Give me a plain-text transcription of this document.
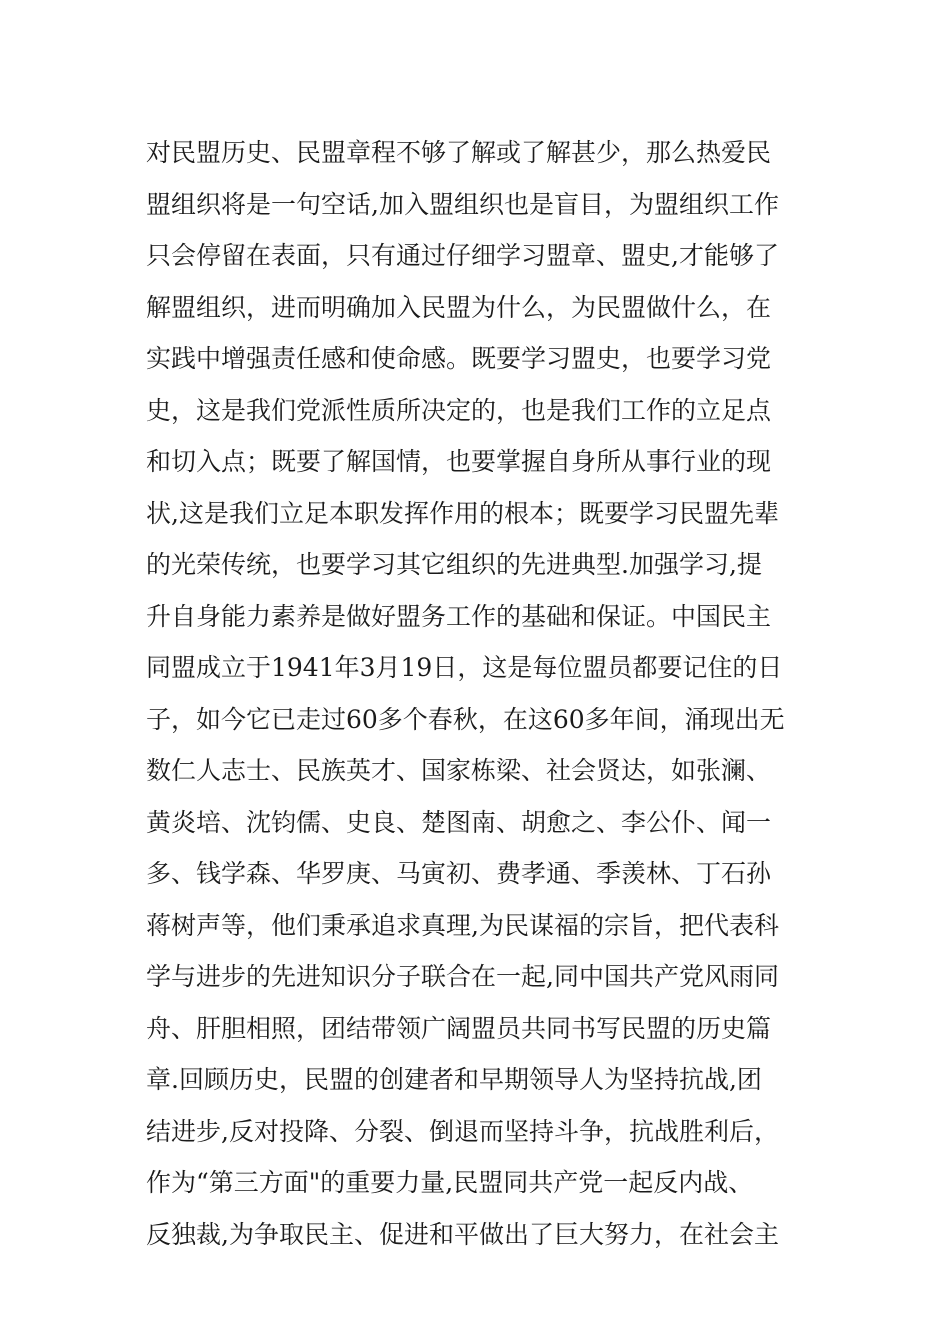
对民盟历史、民盟章程不够了解或了解甚少，那么热爱民
盟组织将是一句空话,加入盟组织也是盲目，为盟组织工作
只会停留在表面，只有通过仔细学习盟章、盟史,才能够了
解盟组织，进而明确加入民盟为什么，为民盟做什么，在
实践中增强责任感和使命感。既要学习盟史，也要学习党
史，这是我们党派性质所决定的，也是我们工作的立足点
和切入点；既要了解国情，也要掌握自身所从事行业的现
状,这是我们立足本职发挥作用的根本；既要学习民盟先辈
的光荣传统，也要学习其它组织的先进典型.加强学习,提
升自身能力素养是做好盟务工作的基础和保证。中国民主
同盟成立于1941年3月19日，这是每位盟员都要记住的日
子，如今它已走过60多个春秋，在这60多年间，涌现出无
数仁人志士、民族英才、国家栋梁、社会贤达，如张澜、
黄炎培、沈钧儒、史良、楚图南、胡愈之、李公仆、闻一
多、钱学森、华罗庚、马寅初、费孝通、季羡林、丁石孙
蒋树声等，他们秉承追求真理,为民谋福的宗旨，把代表科
学与进步的先进知识分子联合在一起,同中国共产党风雨同
舟、肝胆相照，团结带领广阔盟员共同书写民盟的历史篇
章.回顾历史，民盟的创建者和早期领导人为坚持抗战,团
结进步,反对投降、分裂、倒退而坚持斗争，抗战胜利后，
作为“第三方面"的重要力量,民盟同共产党一起反内战、
反独裁,为争取民主、促进和平做出了巨大努力，在社会主
